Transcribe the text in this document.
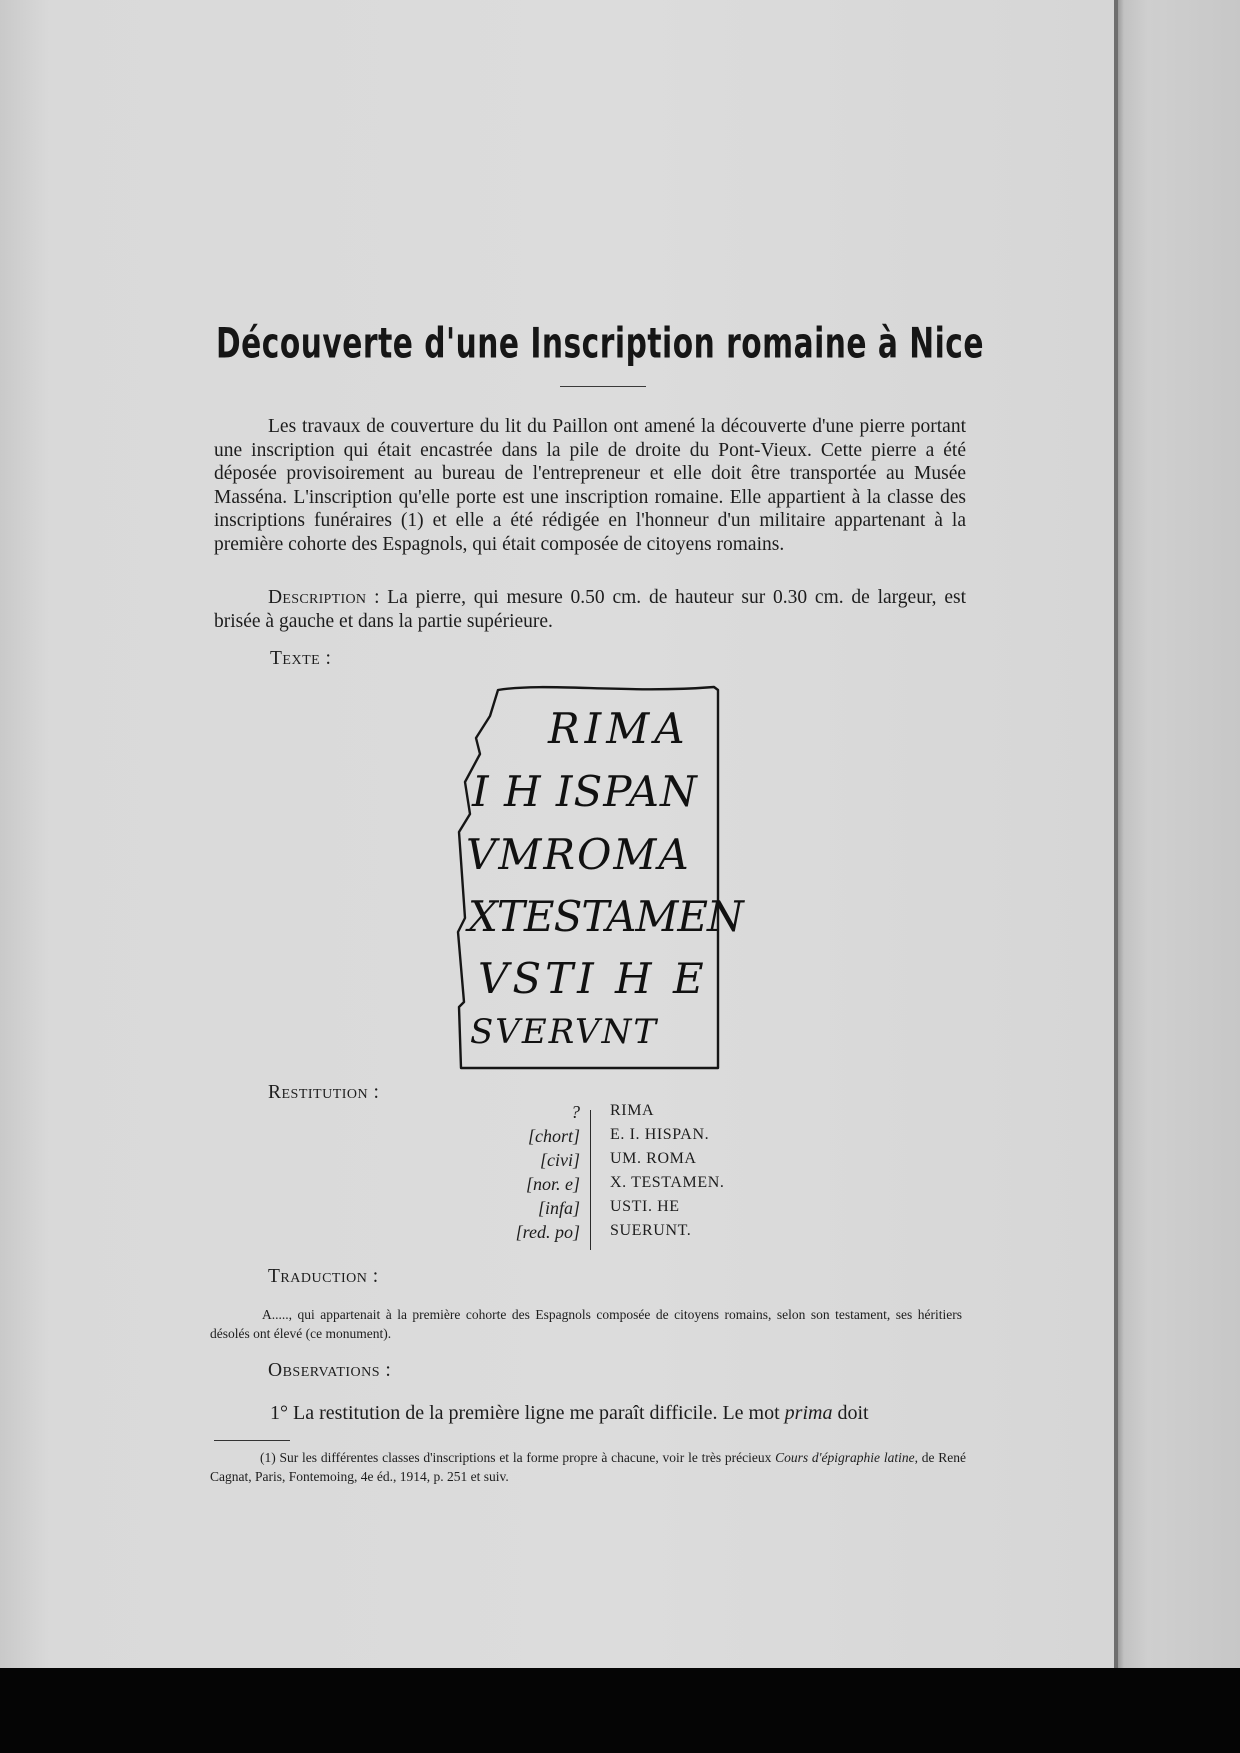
Découverte d'une Inscription romaine à Nice

Les travaux de couverture du lit du Paillon ont amené la découverte d'une pierre portant une inscription qui était encastrée dans la pile de droite du Pont-Vieux. Cette pierre a été déposée provisoirement au bureau de l'entrepreneur et elle doit être transportée au Musée Masséna. L'inscription qu'elle porte est une inscription romaine. Elle appartient à la classe des inscriptions funéraires (1) et elle a été rédigée en l'honneur d'un militaire appartenant à la première cohorte des Espagnols, qui était composée de citoyens romains.

Description : La pierre, qui mesure 0.50 cm. de hauteur sur 0.30 cm. de largeur, est brisée à gauche et dans la partie supérieure.

Texte :
RIMA
I H ISPAN
VMROMA
XTESTAMEN
VSTI H E
SVERVNT
Restitution :
? RIMA
[chort] E. I. HISPAN.
[civi] UM. ROMA
[nor. e] X. TESTAMEN.
[infa] USTI. HE
[red. po] SUERUNT.
Traduction :

A....., qui appartenait à la première cohorte des Espagnols composée de citoyens romains, selon son testament, ses héritiers désolés ont élevé (ce monument).

Observations :

1° La restitution de la première ligne me paraît difficile. Le mot prima doit

(1) Sur les différentes classes d'inscriptions et la forme propre à chacune, voir le très précieux Cours d'épigraphie latine, de René Cagnat, Paris, Fontemoing, 4e éd., 1914, p. 251 et suiv.
